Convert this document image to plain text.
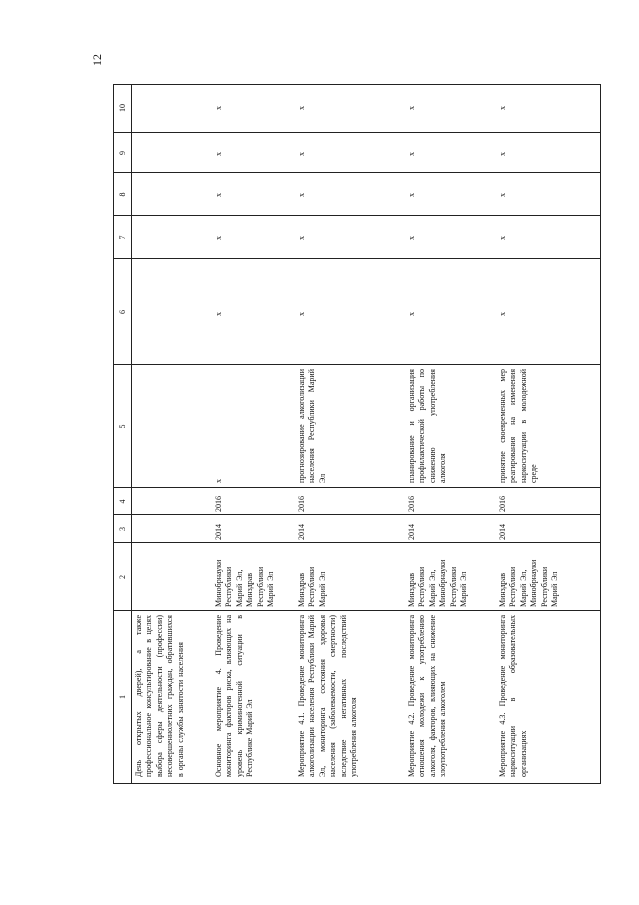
12
1
2
3
4
5
6
7
8
9
10
День открытых дверей), а также профессиональное консультирование в целях выбора сферы деятельности (профессии) несовершеннолетних граждан, обратившихся в органы службы занятости населения	Основное мероприятие 4. Проведение мониторинга факторов риска, влияющих на уровень криминогенной ситуации в Республике Марий Эл
Минобрнауки Республики Марий Эл, Минздрав Республики Марий Эл
2014
2016
x
x
x
x
x
x
Мероприятие 4.1. Проведение мониторинга алкоголизации населения Республики Марий Эл, мониторинга состояния здоровья населения (заболеваемости, смертности) вследствие негативных последствий употребления алкоголя
Минздрав Республики Марий Эл
2014
2016
прогнозирование алкоголизации населения Республики Марий Эл
x
x
x
x
x
Мероприятие 4.2. Проведение мониторинга отношения молодежи к употреблению алкоголя, факторов, влияющих на снижение злоупотребления алкоголем
Минздрав Республики Марий Эл, Минобрнауки Республики Марий Эл
2014
2016
планирование и организация профилактической работы по снижению употребления алкоголя
x
x
x
x
x
Мероприятие 4.3. Проведение мониторинга наркоситуации в образовательных организациях
Минздрав Республики Марий Эл, Минобрнауки Республики Марий Эл
2014
2016
принятие своевременных мер реагирования на изменения наркоситуации в молодежной среде
x
x
x
x
x
